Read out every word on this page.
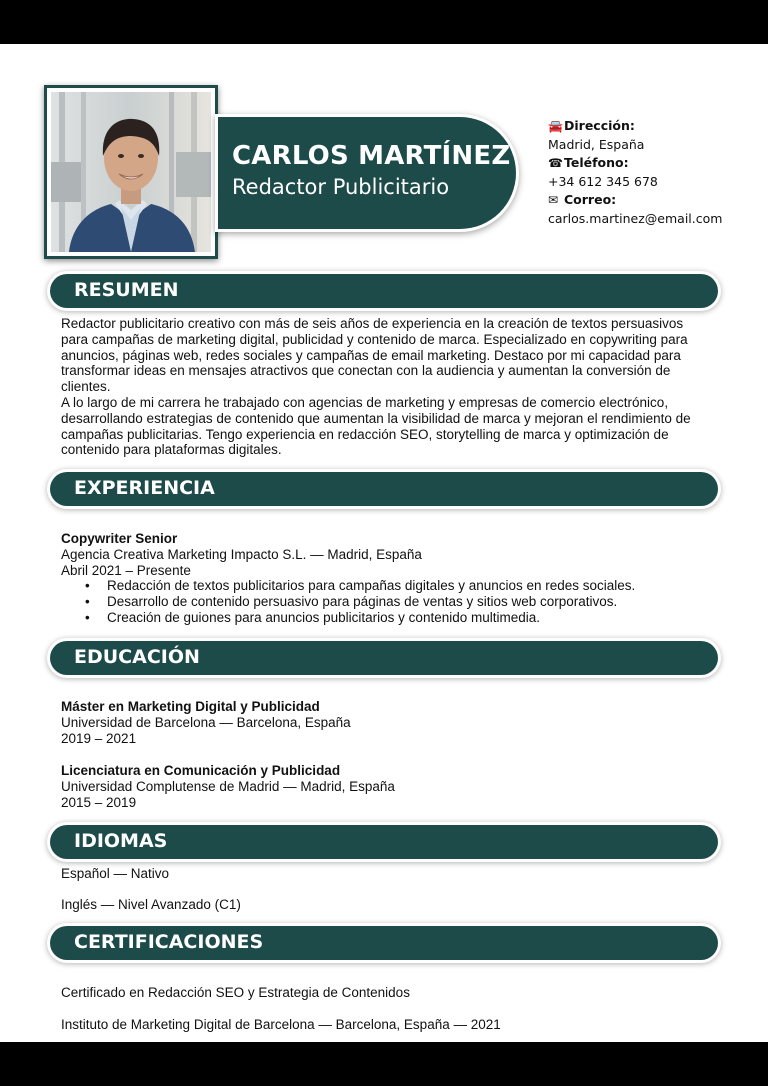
CARLOS MARTÍNEZ
Redactor Publicitario
🚘Dirección:
Madrid, España
☎Teléfono:
+34 612 345 678
✉ Correo:
carlos.martinez@email.com
RESUMEN
Redactor publicitario creativo con más de seis años de experiencia en la creación de textos persuasivos
para campañas de marketing digital, publicidad y contenido de marca. Especializado en copywriting para
anuncios, páginas web, redes sociales y campañas de email marketing. Destaco por mi capacidad para
transformar ideas en mensajes atractivos que conectan con la audiencia y aumentan la conversión de
clientes.
A lo largo de mi carrera he trabajado con agencias de marketing y empresas de comercio electrónico,
desarrollando estrategias de contenido que aumentan la visibilidad de marca y mejoran el rendimiento de
campañas publicitarias. Tengo experiencia en redacción SEO, storytelling de marca y optimización de
contenido para plataformas digitales.
EXPERIENCIA
Copywriter Senior
Agencia Creativa Marketing Impacto S.L. — Madrid, España
Abril 2021 – Presente
• Redacción de textos publicitarios para campañas digitales y anuncios en redes sociales.
• Desarrollo de contenido persuasivo para páginas de ventas y sitios web corporativos.
• Creación de guiones para anuncios publicitarios y contenido multimedia.
EDUCACIÓN
Máster en Marketing Digital y Publicidad
Universidad de Barcelona — Barcelona, España
2019 – 2021
Licenciatura en Comunicación y Publicidad
Universidad Complutense de Madrid — Madrid, España
2015 – 2019
IDIOMAS
Español — Nativo
Inglés — Nivel Avanzado (C1)
CERTIFICACIONES
Certificado en Redacción SEO y Estrategia de Contenidos
Instituto de Marketing Digital de Barcelona — Barcelona, España — 2021
